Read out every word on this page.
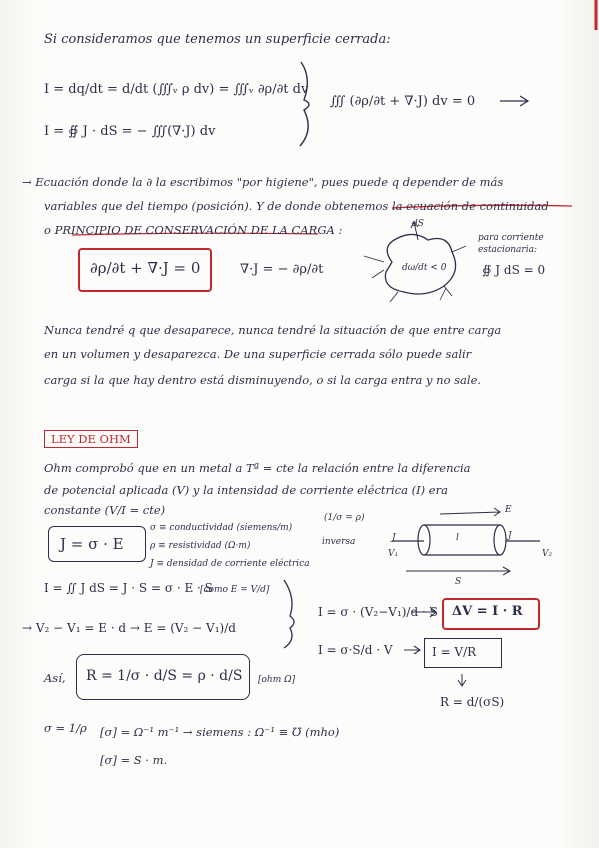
Si consideramos que tenemos un superficie cerrada:
I = dq/dt = d/dt (∭ᵥ ρ dv) = ∭ᵥ ∂ρ/∂t dv
∭ (∂ρ/∂t + ∇·J) dv = 0
I = ∯ J · dS = − ∭(∇·J) dv
→ Ecuación donde la ∂ la escribimos "por higiene", pues puede q depender de más
variables que del tiempo (posición). Y de donde obtenemos la ecuación de continuidad
o PRINCIPIO DE CONSERVACIÓN DE LA CARGA :
∂ρ/∂t + ∇·J = 0	∇·J = − ∂ρ/∂t
dS
dω/dt < 0
para corriente
estacionaria:
∯ J dS = 0
Nunca tendré q que desaparece, nunca tendré la situación de que entre carga
en un volumen y desaparezca. De una superficie cerrada sólo puede salir
carga si la que hay dentro está disminuyendo, o si la carga entra y no sale.
LEY DE OHM
Ohm comprobó que en un metal a Tª = cte la relación entre la diferencia
de potencial aplicada (V) y la intensidad de corriente eléctrica (I) era
constante (V/I = cte)
J = σ · E
σ ≡ conductividad (siemens/m)
ρ ≡ resistividad (Ω·m)
J ≡ densidad de corriente eléctrica
(1/σ = ρ)
inversa
E
l
J	J
V₁	V₂
S
I = ∬ J dS = J · S = σ · E · S
[como E = V/d]
→ V₂ − V₁ = E · d → E = (V₂ − V₁)/d
I = σ · (V₂−V₁)/d · S ΔV = I · R
I = σ·S/d · V	I = V/R
Así, R = 1/σ · d/S = ρ · d/S [ohm Ω]
R = d/(σS)
σ = 1/ρ [σ] = Ω⁻¹ m⁻¹ → siemens : Ω⁻¹ ≡ ℧ (mho)
[σ] = S · m.
